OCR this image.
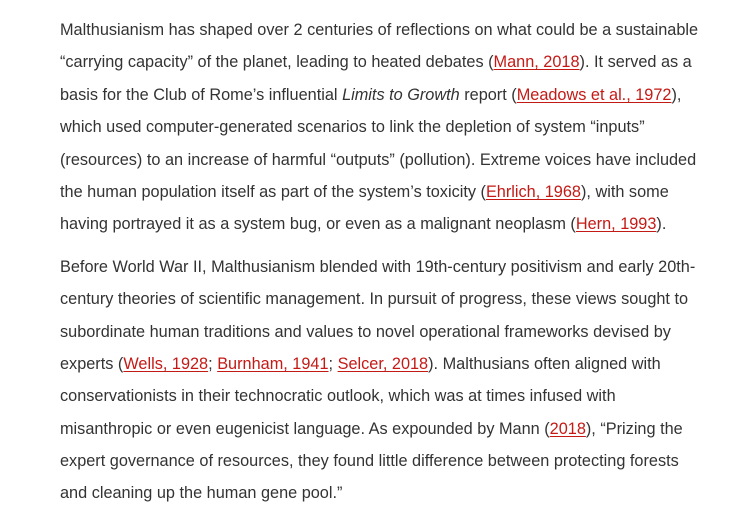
Malthusianism has shaped over 2 centuries of reflections on what could be a sustainable
“carrying capacity” of the planet, leading to heated debates (Mann, 2018). It served as a
basis for the Club of Rome’s influential Limits to Growth report (Meadows et al., 1972),
which used computer-generated scenarios to link the depletion of system “inputs”
(resources) to an increase of harmful “outputs” (pollution). Extreme voices have included
the human population itself as part of the system’s toxicity (Ehrlich, 1968), with some
having portrayed it as a system bug, or even as a malignant neoplasm (Hern, 1993).

Before World War II, Malthusianism blended with 19th-century positivism and early 20th-
century theories of scientific management. In pursuit of progress, these views sought to
subordinate human traditions and values to novel operational frameworks devised by
experts (Wells, 1928; Burnham, 1941; Selcer, 2018). Malthusians often aligned with
conservationists in their technocratic outlook, which was at times infused with
misanthropic or even eugenicist language. As expounded by Mann (2018), “Prizing the
expert governance of resources, they found little difference between protecting forests
and cleaning up the human gene pool.”
